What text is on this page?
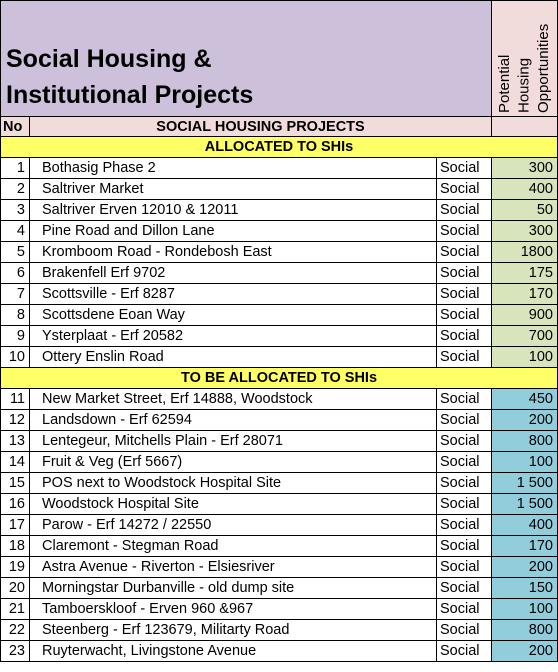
Social Housing &
Institutional Projects			Potential Housing Opportunities

No	SOCIAL HOUSING PROJECTS		
ALLOCATED TO SHIs			
1	Bothasig Phase 2	Social	300
2	Saltriver Market	Social	400
3	Saltriver Erven 12010 & 12011	Social	50
4	Pine Road and Dillon Lane	Social	300
5	Kromboom Road - Rondebosh East	Social	1800
6	Brakenfell Erf 9702	Social	175
7	Scottsville - Erf 8287	Social	170
8	Scottsdene Eoan Way	Social	900
9	Ysterplaat - Erf 20582	Social	700
10	Ottery Enslin Road	Social	100
TO BE ALLOCATED TO SHIs			
11	New Market Street, Erf 14888, Woodstock	Social	450
12	Landsdown - Erf 62594	Social	200
13	Lentegeur, Mitchells Plain - Erf 28071	Social	800
14	Fruit & Veg (Erf 5667)	Social	100
15	POS next to Woodstock Hospital Site	Social	1 500
16	Woodstock Hospital Site	Social	1 500
17	Parow - Erf 14272 / 22550	Social	400
18	Claremont - Stegman Road	Social	170
19	Astra Avenue - Riverton - Elsiesriver	Social	200
20	Morningstar Durbanville - old dump site	Social	150
21	Tamboerskloof - Erven 960 &967	Social	100
22	Steenberg - Erf 123679, Militarty Road	Social	800
23	Ruyterwacht, Livingstone Avenue	Social	200
